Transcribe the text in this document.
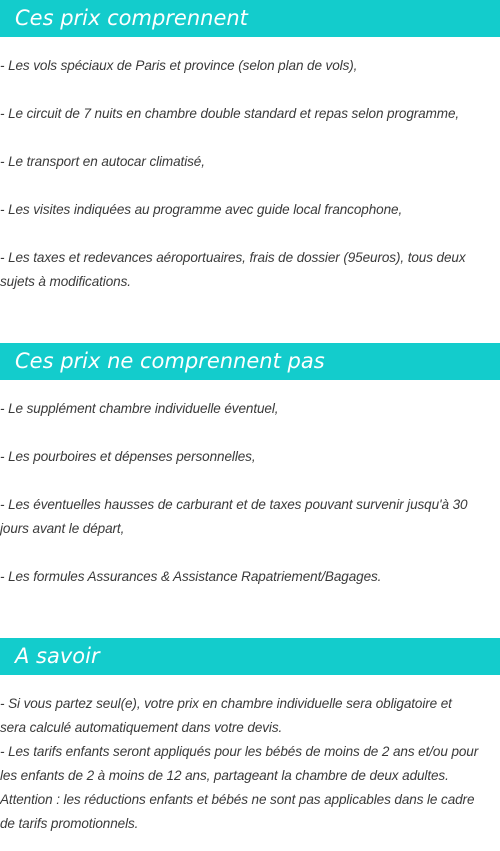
Ces prix comprennent
- Les vols spéciaux de Paris et province (selon plan de vols),
- Le circuit de 7 nuits en chambre double standard et repas selon programme,
- Le transport en autocar climatisé,
- Les visites indiquées au programme avec guide local francophone,
- Les taxes et redevances aéroportuaires, frais de dossier (95euros), tous deux
sujets à modifications.
Ces prix ne comprennent pas
- Le supplément chambre individuelle éventuel,
- Les pourboires et dépenses personnelles,
- Les éventuelles hausses de carburant et de taxes pouvant survenir jusqu'à 30
jours avant le départ,
- Les formules Assurances & Assistance Rapatriement/Bagages.
A savoir
- Si vous partez seul(e), votre prix en chambre individuelle sera obligatoire et
sera calculé automatiquement dans votre devis.
- Les tarifs enfants seront appliqués pour les bébés de moins de 2 ans et/ou pour
les enfants de 2 à moins de 12 ans, partageant la chambre de deux adultes.
Attention : les réductions enfants et bébés ne sont pas applicables dans le cadre
de tarifs promotionnels.
